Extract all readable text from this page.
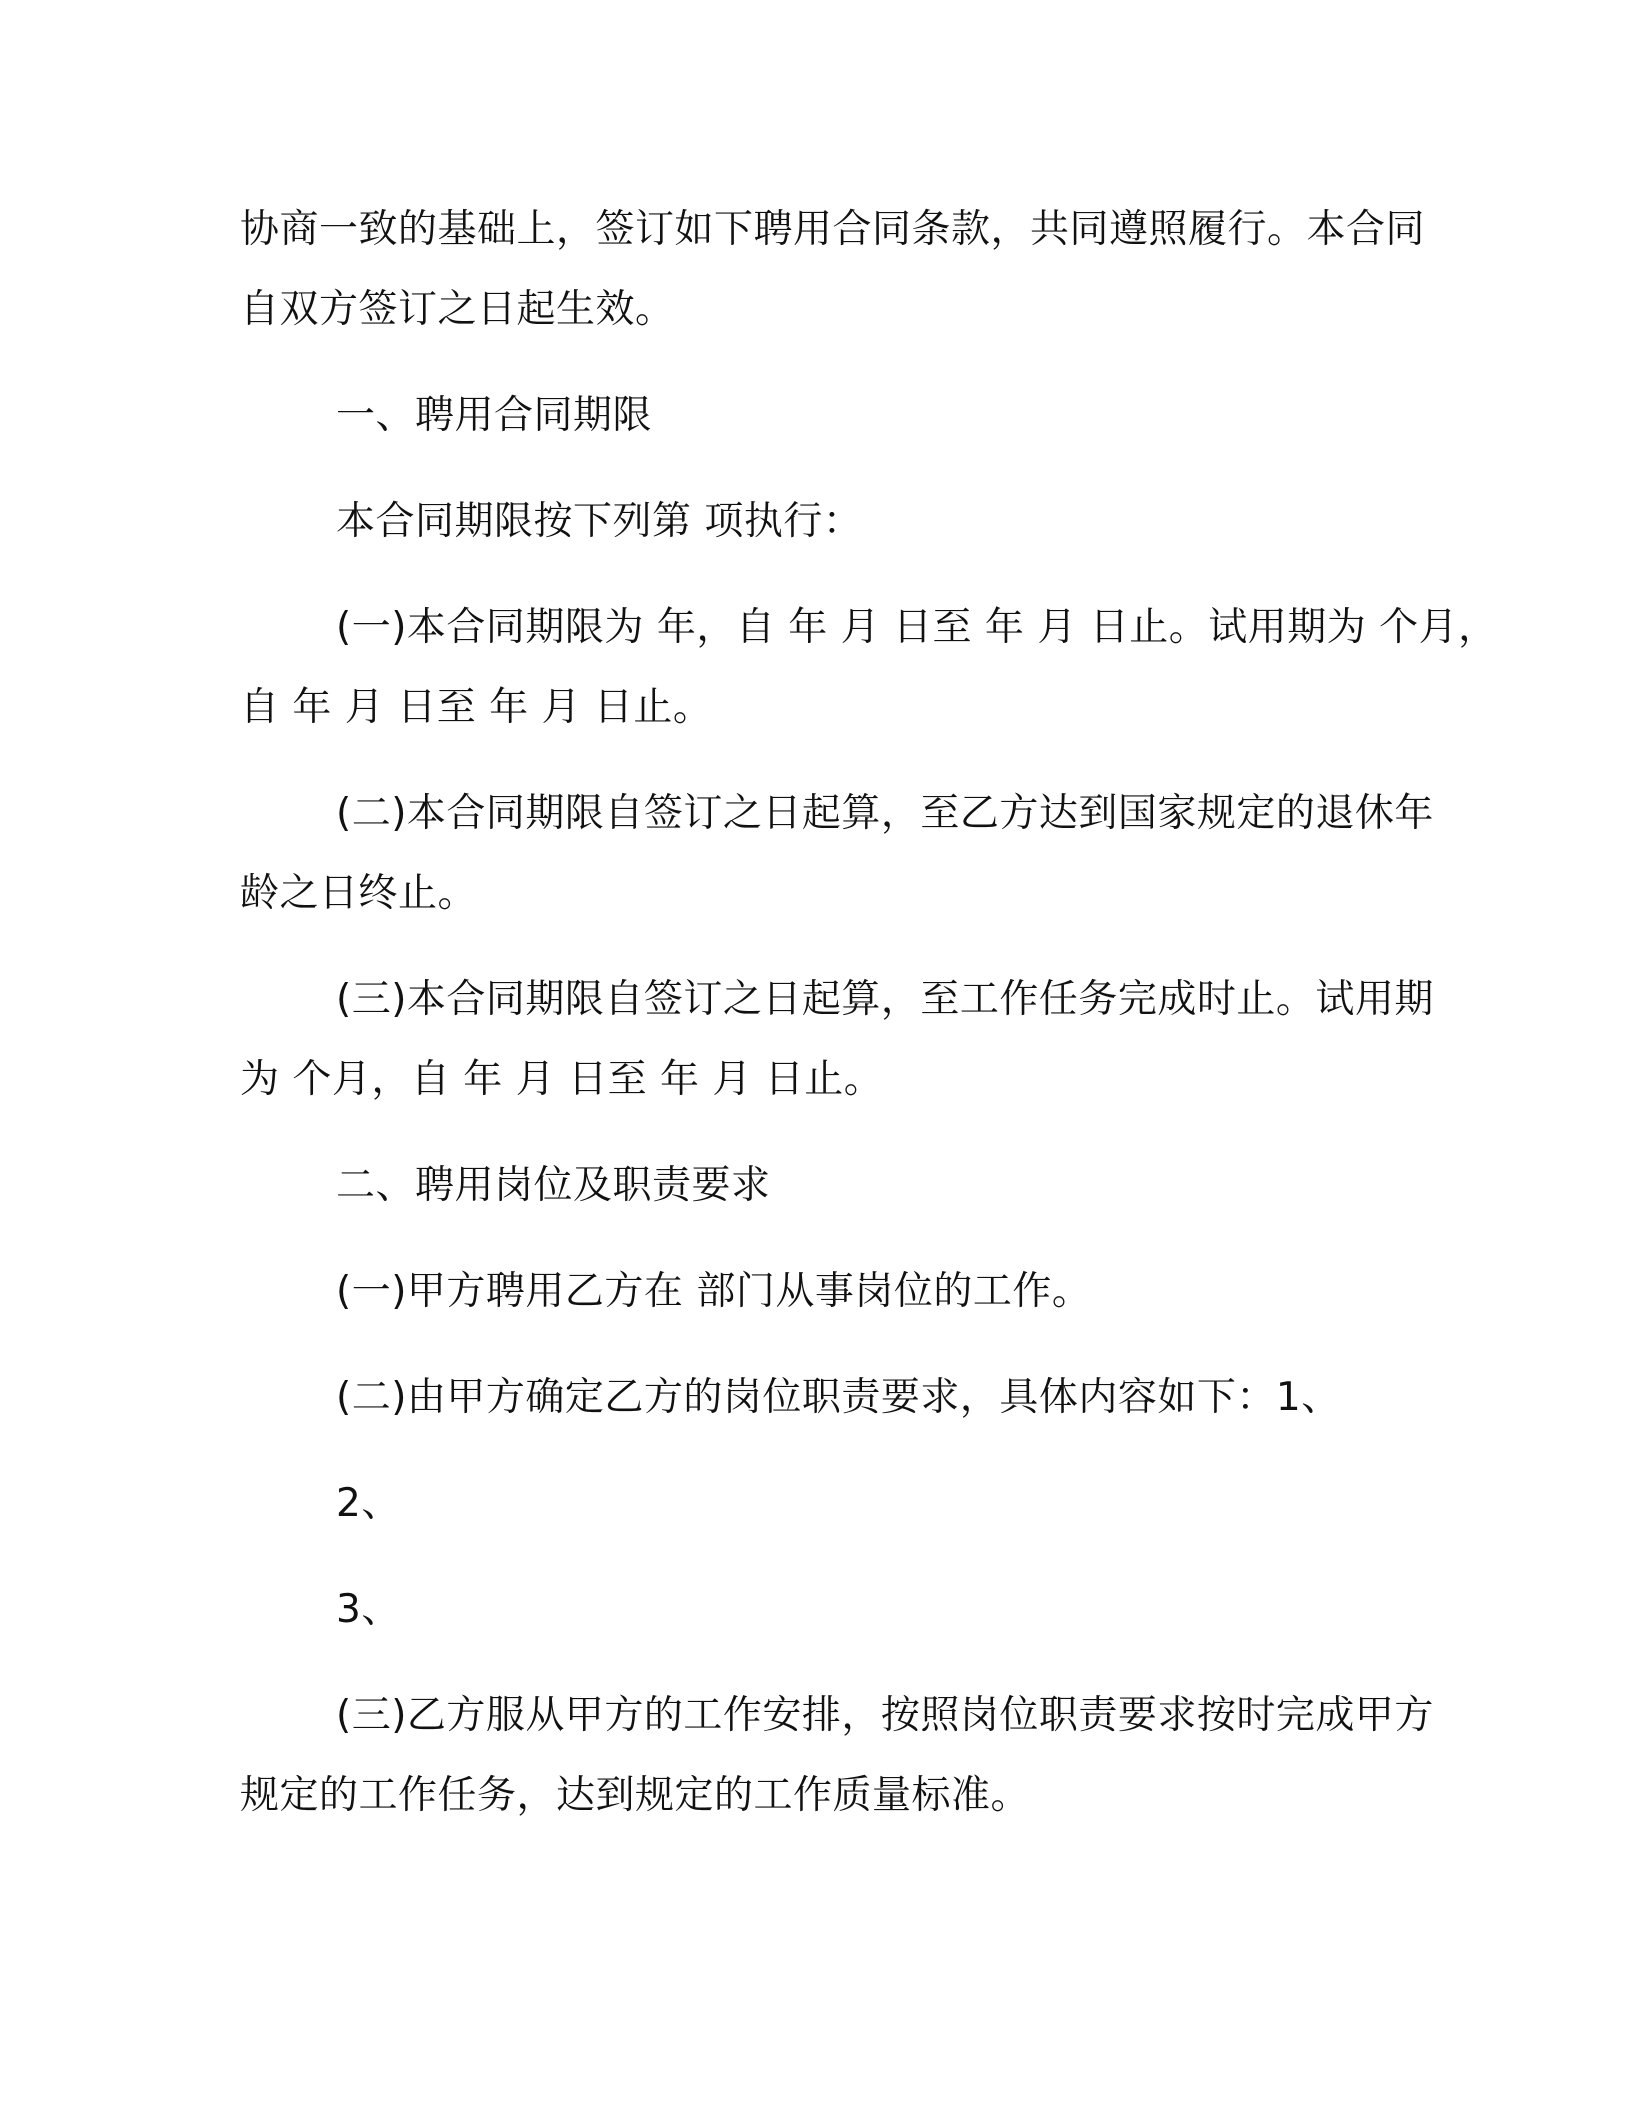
协商一致的基础上，签订如下聘用合同条款，共同遵照履行。本合同
自双方签订之日起生效。
一、聘用合同期限
本合同期限按下列第 项执行：
(一)本合同期限为 年，自 年 月 日至 年 月 日止。试用期为 个月，
自 年 月 日至 年 月 日止。
(二)本合同期限自签订之日起算，至乙方达到国家规定的退休年
龄之日终止。
(三)本合同期限自签订之日起算，至工作任务完成时止。试用期
为 个月，自 年 月 日至 年 月 日止。
二、聘用岗位及职责要求
(一)甲方聘用乙方在 部门从事岗位的工作。
(二)由甲方确定乙方的岗位职责要求，具体内容如下：1、
2、
3、
(三)乙方服从甲方的工作安排，按照岗位职责要求按时完成甲方
规定的工作任务，达到规定的工作质量标准。
